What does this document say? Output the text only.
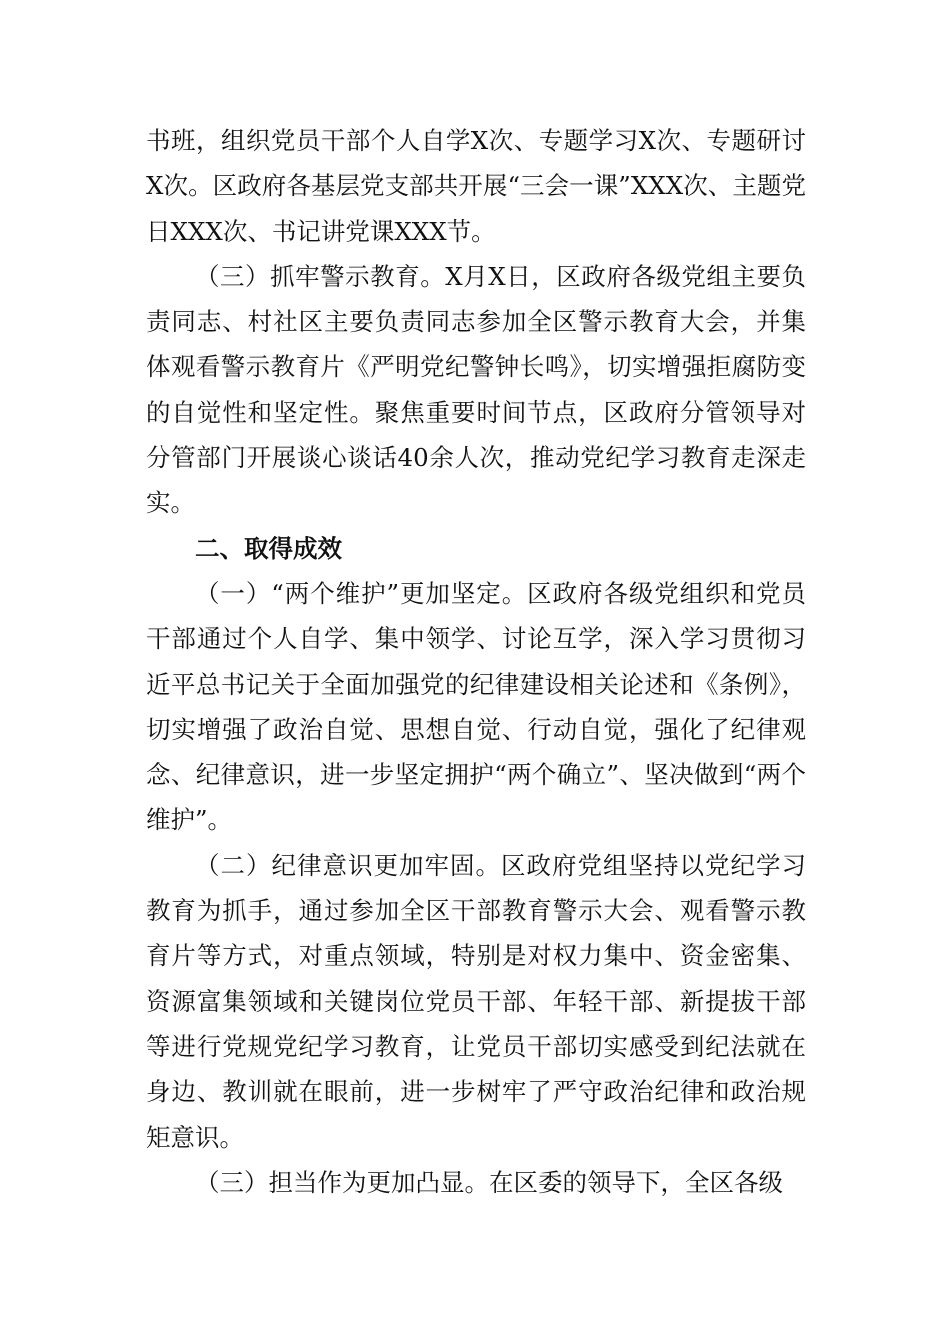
书班，组织党员干部个人自学X次、专题学习X次、专题研讨X次。区政府各基层党支部共开展“三会一课”XXX次、主题党日XXX次、书记讲党课XXX节。

（三）抓牢警示教育。X月X日，区政府各级党组主要负责同志、村社区主要负责同志参加全区警示教育大会，并集体观看警示教育片《严明党纪警钟长鸣》，切实增强拒腐防变的自觉性和坚定性。聚焦重要时间节点，区政府分管领导对分管部门开展谈心谈话40余人次，推动党纪学习教育走深走实。

二、取得成效

（一）“两个维护”更加坚定。区政府各级党组织和党员干部通过个人自学、集中领学、讨论互学，深入学习贯彻习近平总书记关于全面加强党的纪律建设相关论述和《条例》，切实增强了政治自觉、思想自觉、行动自觉，强化了纪律观念、纪律意识，进一步坚定拥护“两个确立”、坚决做到“两个维护”。

（二）纪律意识更加牢固。区政府党组坚持以党纪学习教育为抓手，通过参加全区干部教育警示大会、观看警示教育片等方式，对重点领域，特别是对权力集中、资金密集、资源富集领域和关键岗位党员干部、年轻干部、新提拔干部等进行党规党纪学习教育，让党员干部切实感受到纪法就在身边、教训就在眼前，进一步树牢了严守政治纪律和政治规矩意识。

（三）担当作为更加凸显。在区委的领导下，全区各级
